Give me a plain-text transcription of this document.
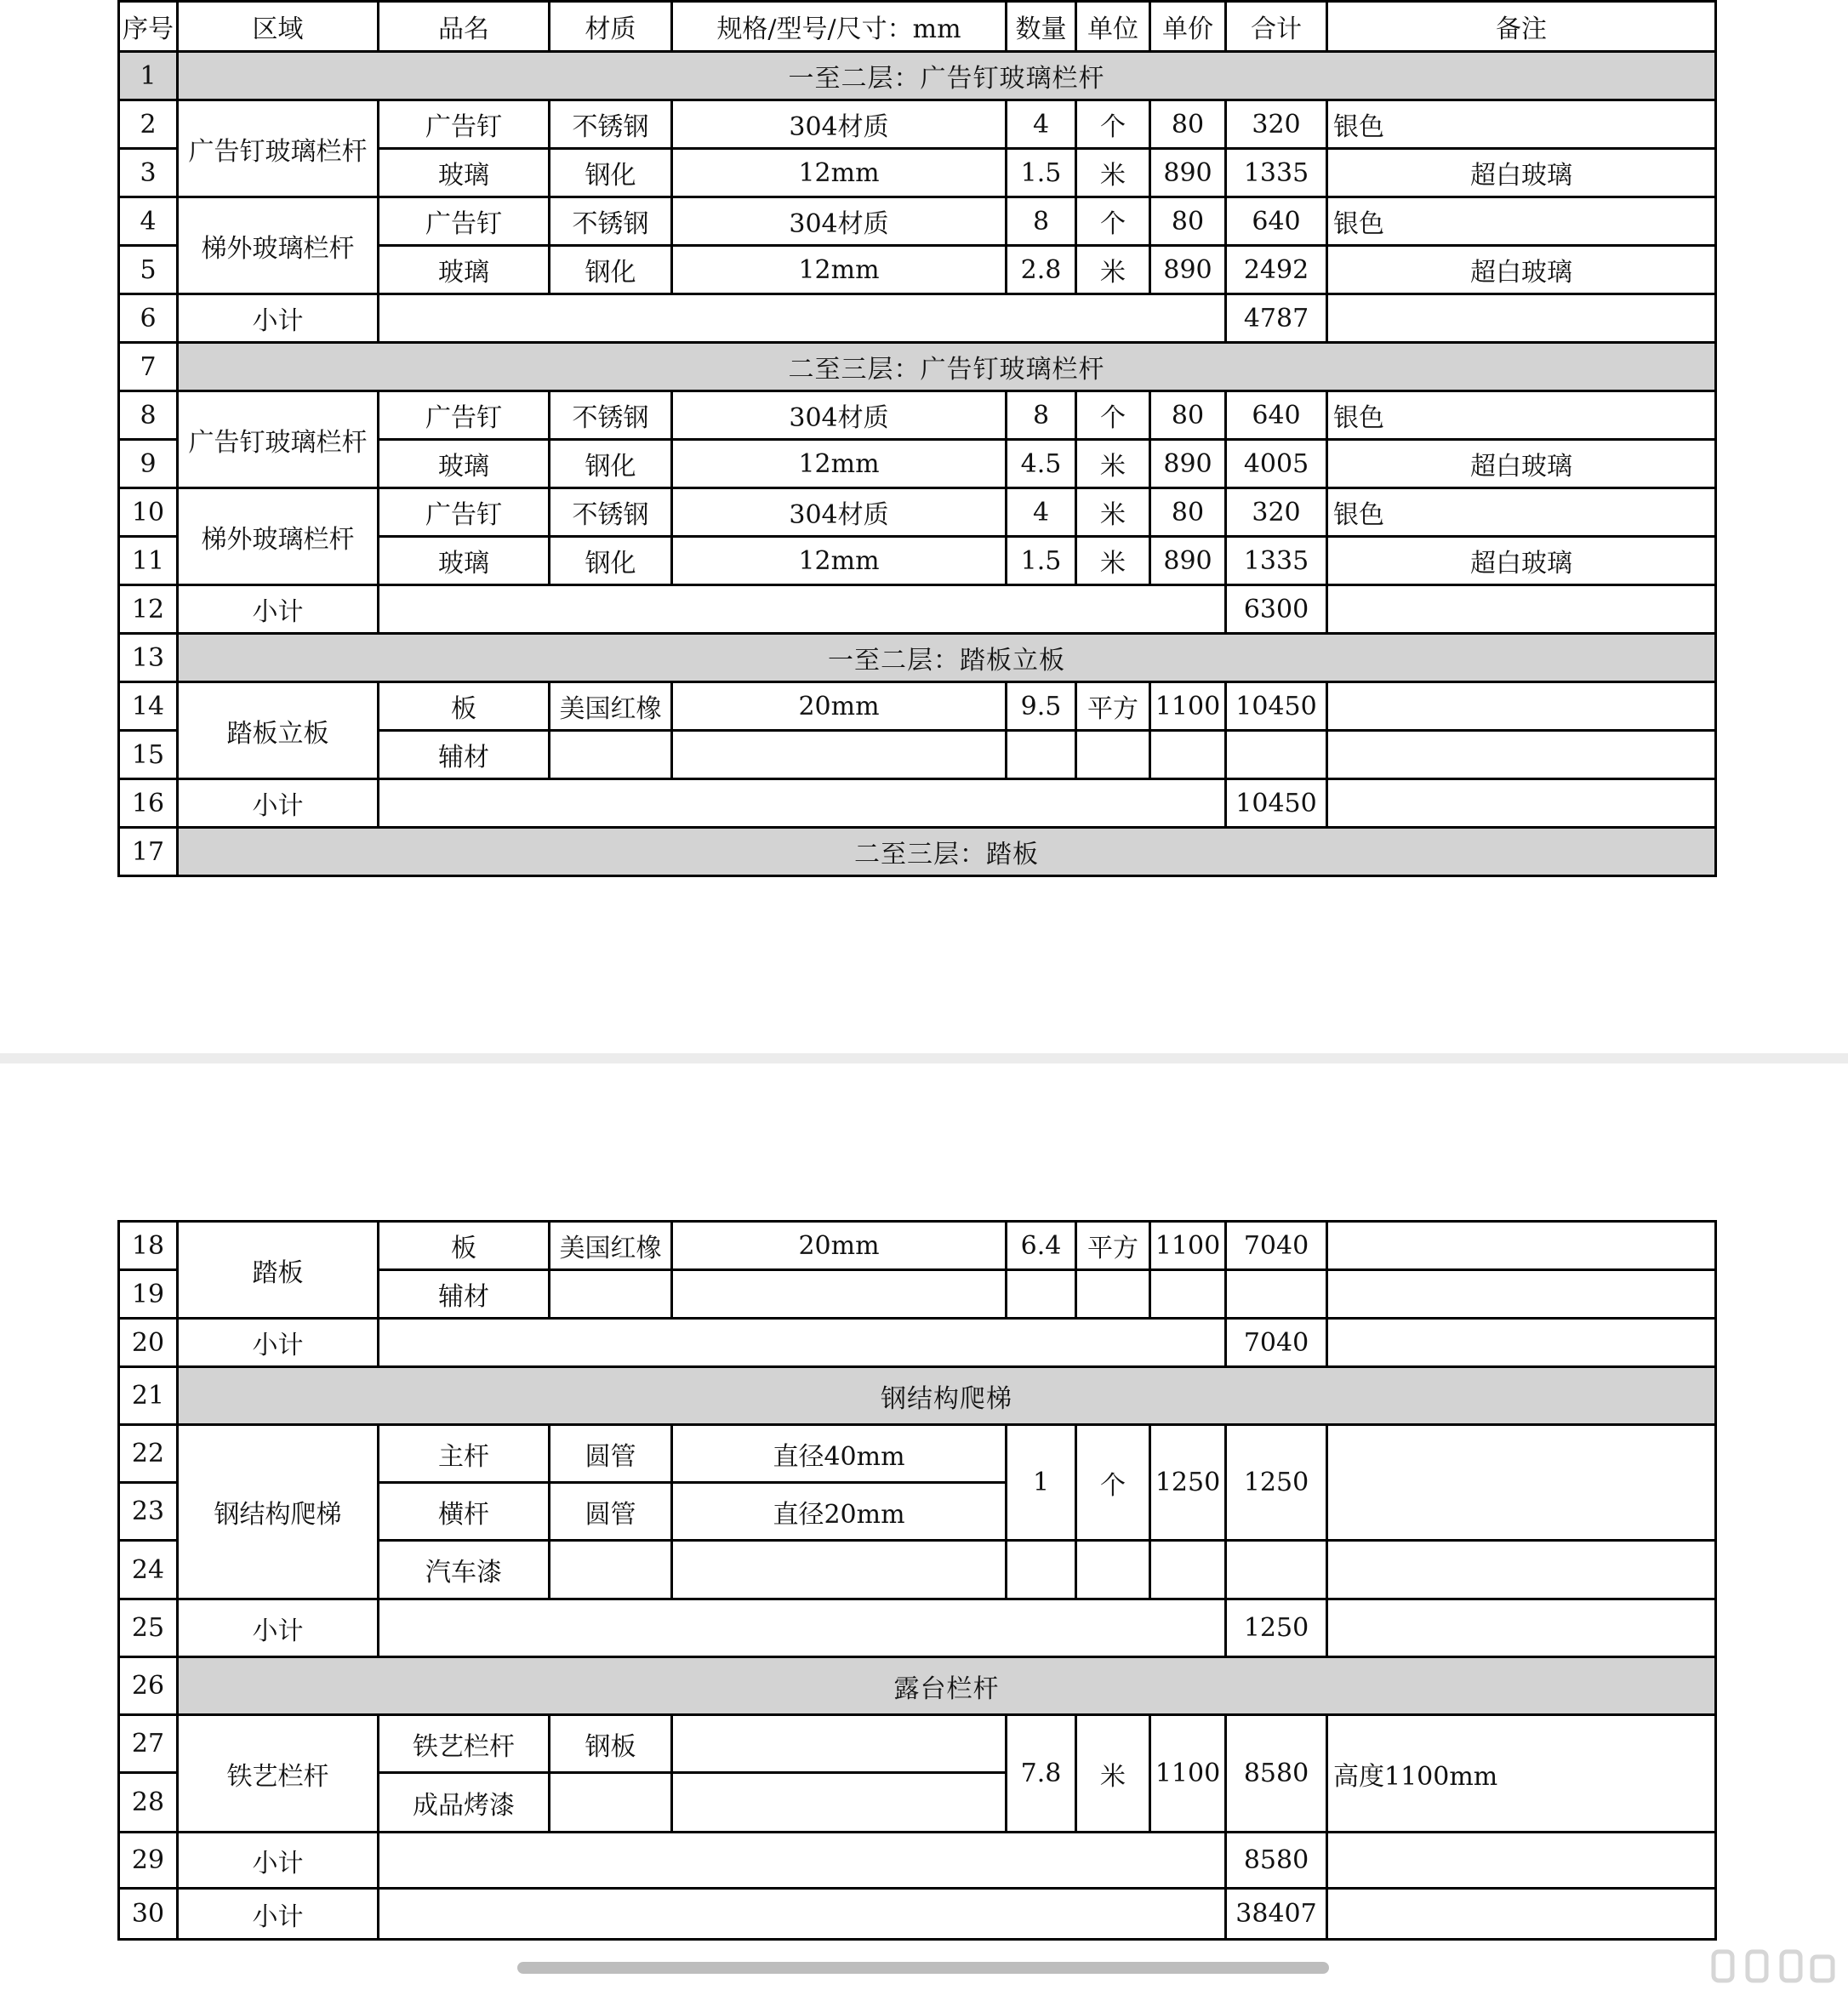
序号	区域	品名	材质	规格/型号/尺寸：mm	数量	单位	单价	合计	备注
1	一至二层：广告钉玻璃栏杆								
2	广告钉玻璃栏杆	广告钉	不锈钢	304材质	4	个	80	320	银色
3		玻璃	钢化	12mm	1.5	米	890	1335	超白玻璃
4	梯外玻璃栏杆	广告钉	不锈钢	304材质	8	个	80	640	银色
5		玻璃	钢化	12mm	2.8	米	890	2492	超白玻璃
6	小计							4787	
7	二至三层：广告钉玻璃栏杆								
8	广告钉玻璃栏杆	广告钉	不锈钢	304材质	8	个	80	640	银色
9		玻璃	钢化	12mm	4.5	米	890	4005	超白玻璃
10	梯外玻璃栏杆	广告钉	不锈钢	304材质	4	米	80	320	银色
11		玻璃	钢化	12mm	1.5	米	890	1335	超白玻璃
12	小计							6300	
13	一至二层：踏板立板								
14	踏板立板	板	美国红橡	20mm	9.5	平方	1100	10450	
15		辅材							
16	小计							10450	
17	二至三层：踏板								
18	踏板	板	美国红橡	20mm	6.4	平方	1100	7040	
19		辅材							
20	小计							7040	
21	钢结构爬梯								
22	钢结构爬梯	主杆	圆管	直径40mm	1	个	1250	1250	
23		横杆	圆管	直径20mm					
24		汽车漆							
25	小计							1250	
26	露台栏杆								
27	铁艺栏杆	铁艺栏杆	钢板		7.8	米	1100	8580	高度1100mm
28		成品烤漆							
29	小计							8580	
30	小计							38407	
